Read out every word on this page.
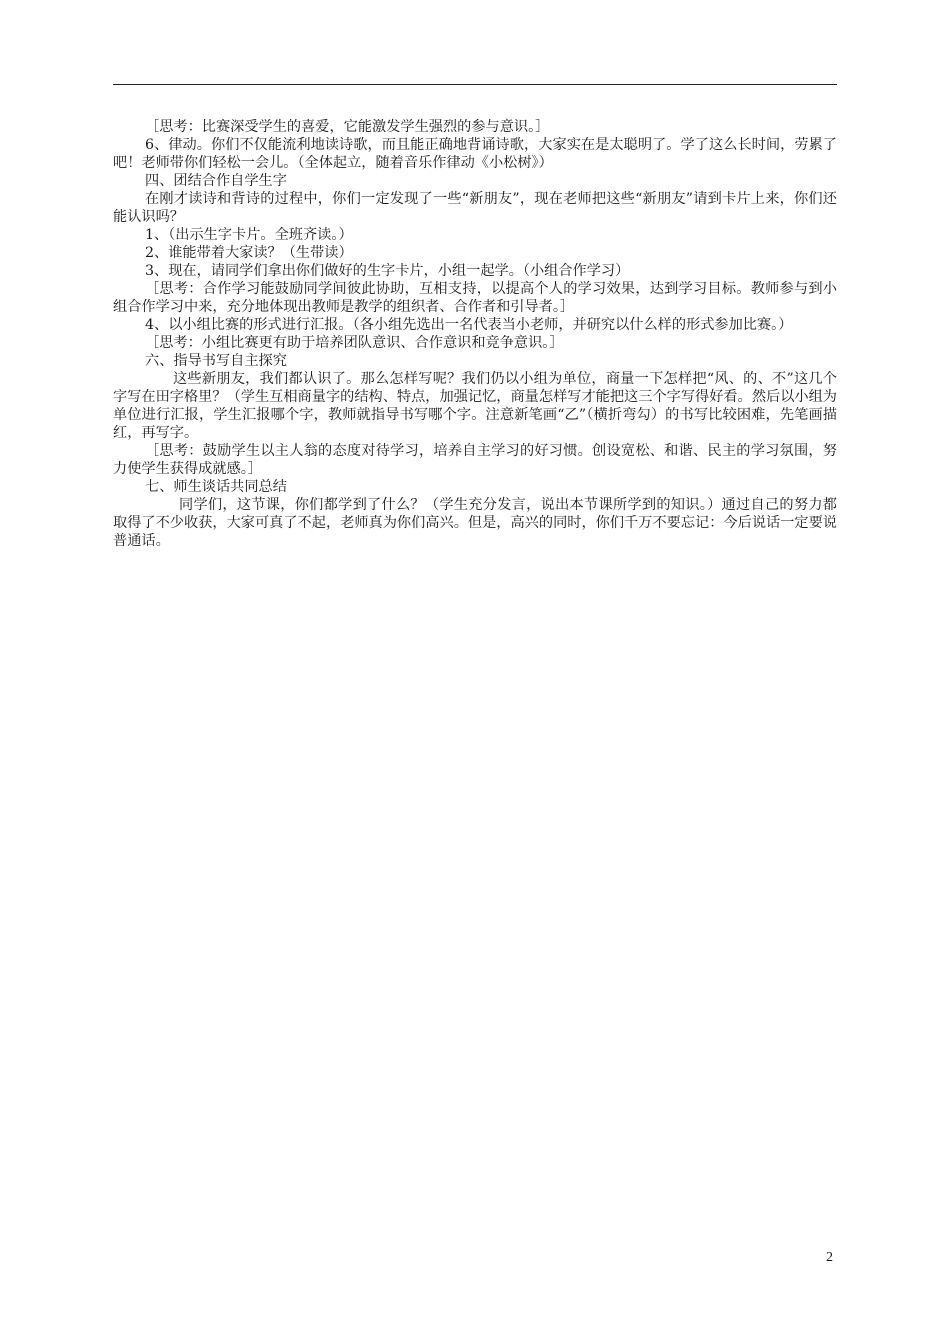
［思考：比赛深受学生的喜爱，它能激发学生强烈的参与意识。］

6、律动。你们不仅能流利地读诗歌，而且能正确地背诵诗歌，大家实在是太聪明了。学了这么长时间，劳累了吧！老师带你们轻松一会儿。（全体起立，随着音乐作律动《小松树》）

四、团结合作自学生字

在刚才读诗和背诗的过程中，你们一定发现了一些“新朋友”，现在老师把这些“新朋友”请到卡片上来，你们还能认识吗？

1、（出示生字卡片。全班齐读。）

2、谁能带着大家读？（生带读）

3、现在，请同学们拿出你们做好的生字卡片，小组一起学。（小组合作学习）

［思考：合作学习能鼓励同学间彼此协助，互相支持，以提高个人的学习效果，达到学习目标。教师参与到小组合作学习中来，充分地体现出教师是教学的组织者、合作者和引导者。］

4、以小组比赛的形式进行汇报。（各小组先选出一名代表当小老师，并研究以什么样的形式参加比赛。）

［思考：小组比赛更有助于培养团队意识、合作意识和竞争意识。］

六、指导书写自主探究

这些新朋友，我们都认识了。那么怎样写呢？我们仍以小组为单位，商量一下怎样把“风、的、不”这几个字写在田字格里？（学生互相商量字的结构、特点，加强记忆，商量怎样写才能把这三个字写得好看。然后以小组为单位进行汇报，学生汇报哪个字，教师就指导书写哪个字。注意新笔画“乙”（横折弯勾）的书写比较困难，先笔画描红，再写字。

［思考：鼓励学生以主人翁的态度对待学习，培养自主学习的好习惯。创设宽松、和谐、民主的学习氛围，努力使学生获得成就感。］

七、师生谈话共同总结

同学们，这节课，你们都学到了什么？（学生充分发言，说出本节课所学到的知识。）通过自己的努力都取得了不少收获，大家可真了不起，老师真为你们高兴。但是，高兴的同时，你们千万不要忘记：今后说话一定要说普通话。

2
